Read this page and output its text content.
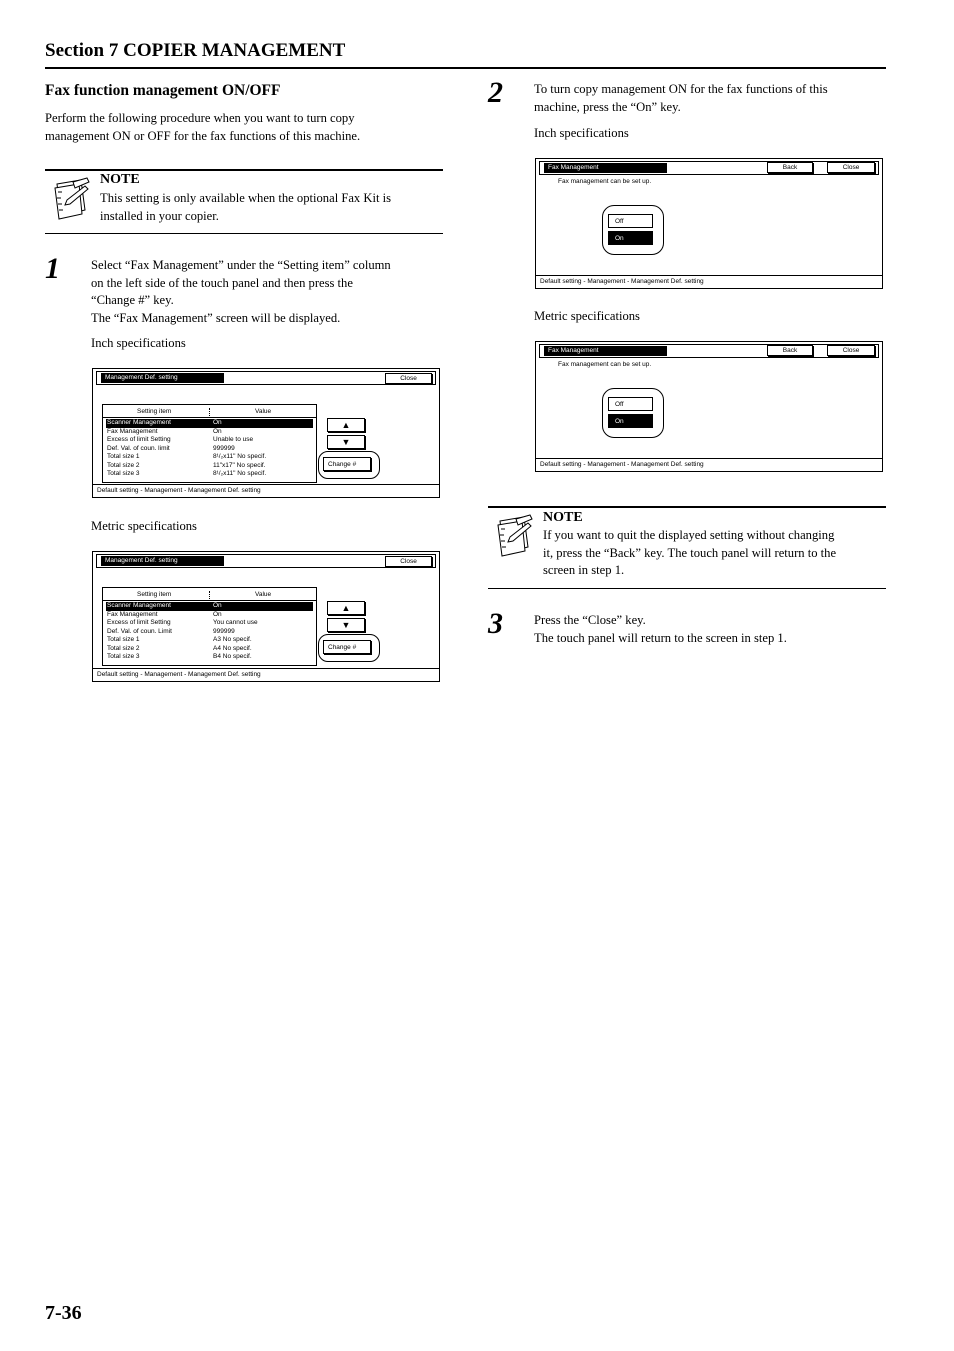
Section 7 COPIER MANAGEMENT
Fax function management ON/OFF
Perform the following procedure when you want to turn copy
management ON or OFF for the fax functions of this machine.
NOTE
This setting is only available when the optional Fax Kit is
installed in your copier.
1 Select “Fax Management” under the “Setting item” column
on the left side of the touch panel and then press the
“Change #” key.
The “Fax Management” screen will be displayed.
Inch specifications
Management Def. setting	Close
Setting item	Value
Scanner Management	On
Fax Management	On
Excess of limit Setting	Unable to use
Def. Val. of coun. limit	999999
Total size 1	8¹/₂x11" No specif.
Total size 2	11"x17" No specif.
Total size 3	8¹/₂x11" No specif.
▲
▼
Change #
Default setting - Management - Management Def. setting
Metric specifications
Management Def. setting	Close
Setting item	Value
Scanner Management	On
Fax Management	On
Excess of limit Setting	You cannot use
Def. Val. of coun. Limit	999999
Total size 1	A3 No specif.
Total size 2	A4 No specif.
Total size 3	B4 No specif.
▲
▼
Change #
Default setting - Management - Management Def. setting
2 To turn copy management ON for the fax functions of this
machine, press the “On” key.
Inch specifications
Fax Management	Back	Close
Fax management can be set up.
Off
On
Default setting - Management - Management Def. setting
Metric specifications
Fax Management	Back	Close
Fax management can be set up.
Off
On
Default setting - Management - Management Def. setting
NOTE
If you want to quit the displayed setting without changing
it, press the “Back” key. The touch panel will return to the
screen in step 1.
3 Press the “Close” key.
The touch panel will return to the screen in step 1.
7-36
